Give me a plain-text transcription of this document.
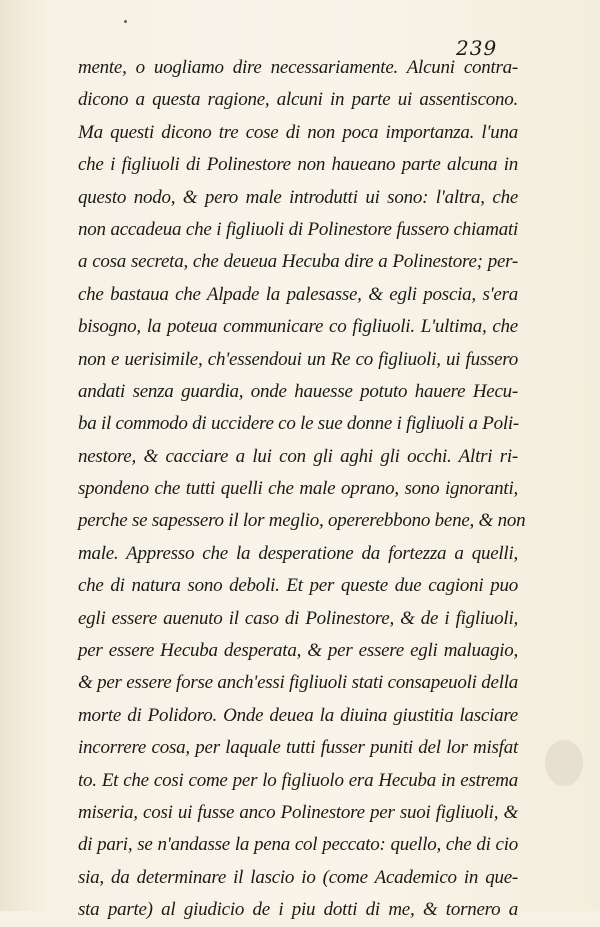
239
mente, o uogliamo dire necessariamente. Alcuni contra-
dicono a questa ragione, alcuni in parte ui assentiscono.
Ma questi dicono tre cose di non poca importanza. l'una
che i figliuoli di Polinestore non haueano parte alcuna in
questo nodo, & pero male introdutti ui sono: l'altra, che
non accadeua che i figliuoli di Polinestore fussero chiamati
a cosa secreta, che deueua Hecuba dire a Polinestore; per-
che bastaua che Alpade la palesasse, & egli poscia, s'era
bisogno, la poteua communicare co figliuoli. L'ultima, che
non e uerisimile, ch'essendoui un Re co figliuoli, ui fussero
andati senza guardia, onde hauesse potuto hauere Hecu-
ba il commodo di uccidere co le sue donne i figliuoli a Poli-
nestore, & cacciare a lui con gli aghi gli occhi. Altri ri-
spondeno che tutti quelli che male oprano, sono ignoranti,
perche se sapessero il lor meglio, opererebbono bene, & non
male. Appresso che la desperatione da fortezza a quelli,
che di natura sono deboli. Et per queste due cagioni puo
egli essere auenuto il caso di Polinestore, & de i figliuoli,
per essere Hecuba desperata, & per essere egli maluagio,
& per essere forse anch'essi figliuoli stati consapeuoli della
morte di Polidoro. Onde deuea la diuina giustitia lasciare
incorrere cosa, per laquale tutti fusser puniti del lor misfat
to. Et che cosi come per lo figliuolo era Hecuba in estrema
miseria, cosi ui fusse anco Polinestore per suoi figliuoli, &
di pari, se n'andasse la pena col peccato: quello, che di cio
sia, da determinare il lascio io (come Academico in que-
sta parte) al giudicio de i piu dotti di me, & tornero a
